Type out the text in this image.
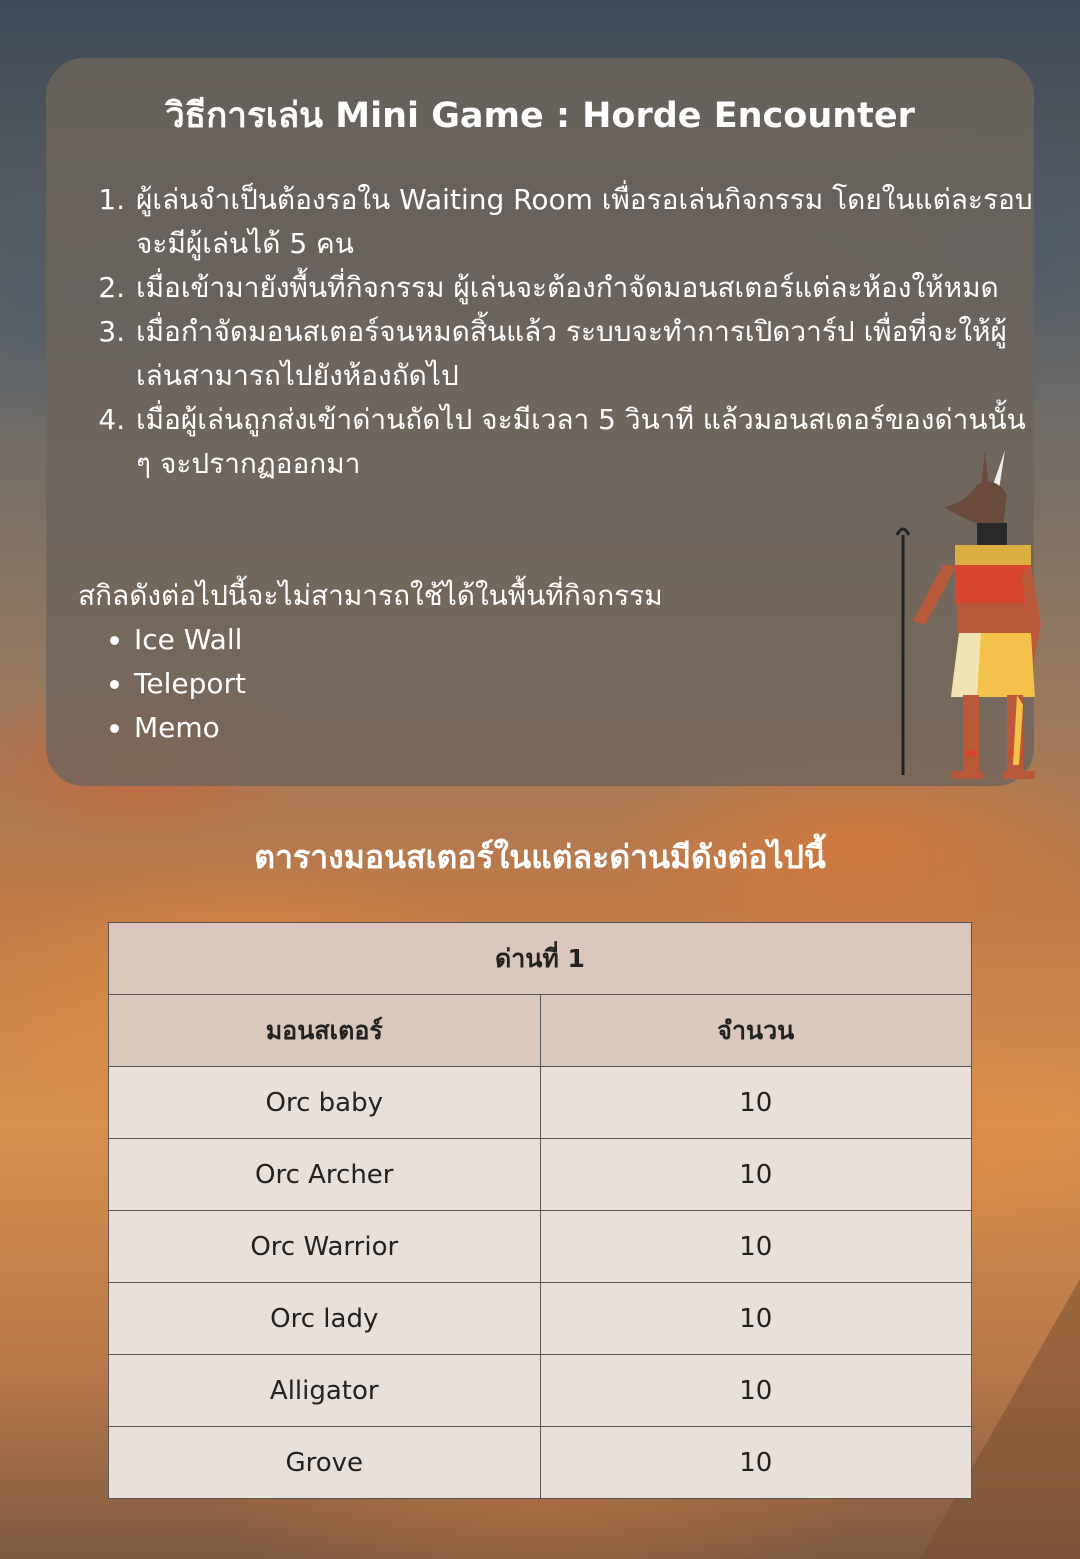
วิธีการเล่น Mini Game : Horde Encounter
1. ผู้เล่นจำเป็นต้องรอใน Waiting Room เพื่อรอเล่นกิจกรรม โดยในแต่ละรอบจะมีผู้เล่นได้ 5 คน
2. เมื่อเข้ามายังพื้นที่กิจกรรม ผู้เล่นจะต้องกำจัดมอนสเตอร์แต่ละห้องให้หมด
3. เมื่อกำจัดมอนสเตอร์จนหมดสิ้นแล้ว ระบบจะทำการเปิดวาร์ป เพื่อที่จะให้ผู้เล่นสามารถไปยังห้องถัดไป
4. เมื่อผู้เล่นถูกส่งเข้าด่านถัดไป จะมีเวลา 5 วินาที แล้วมอนสเตอร์ของด่านนั้น ๆ จะปรากฏออกมา

สกิลดังต่อไปนี้จะไม่สามารถใช้ได้ในพื้นที่กิจกรรม

• Ice Wall
• Teleport
• Memo
ตารางมอนสเตอร์ในแต่ละด่านมีดังต่อไปนี้
ด่านที่ 1	
มอนสเตอร์	จำนวน
Orc baby	10
Orc Archer	10
Orc Warrior	10
Orc lady	10
Alligator	10
Grove	10
